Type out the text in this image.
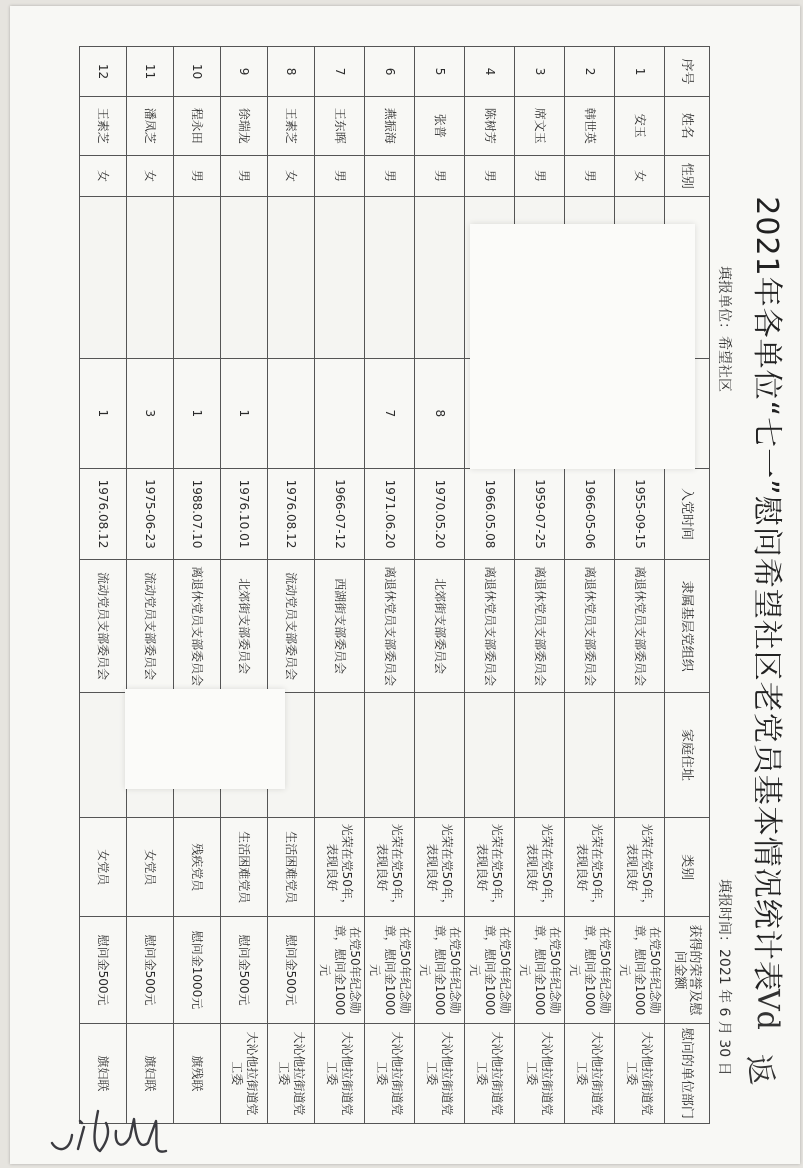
2021年各单位“七一”慰问希望社区老党员基本情况统计表
Vd
返
填报单位：希望社区
填报时间：2021 年 6 月 30 日
序号	姓名	性别			入党时间	隶属基层党组织	家庭住址	类别	获得的荣誉及慰问金额	慰问的单位部门
1	安玉	女			1955-09-15	离退休党员支部委员会		光荣在党50年，表现良好	在党50年纪念勋章，慰问金1000元	大沁他拉街道党工委
2	韩世英	男			1966-05-06	离退休党员支部委员会		光荣在党50年，表现良好	在党50年纪念勋章，慰问金1000元	大沁他拉街道党工委
3	席文玉	男			1959-07-25	离退休党员支部委员会		光荣在党50年，表现良好	在党50年纪念勋章，慰问金1000元	大沁他拉街道党工委
4	陈树芳	男			1966.05.08	离退休党员支部委员会		光荣在党50年，表现良好	在党50年纪念勋章，慰问金1000元	大沁他拉街道党工委
5	张普	男		8	1970.05.20	北郊街支部委员会		光荣在党50年，表现良好	在党50年纪念勋章，慰问金1000元	大沁他拉街道党工委
6	燕振海	男		7	1971.06.20	离退休党员支部委员会		光荣在党50年，表现良好	在党50年纪念勋章，慰问金1000元	大沁他拉街道党工委
7	王东晖	男			1966-07-12	西湖街支部委员会		光荣在党50年，表现良好	在党50年纪念勋章，慰问金1000元	大沁他拉街道党工委
8	王素芝	女			1976.08.12	流动党员支部委员会		生活困难党员	慰问金500元	大沁他拉街道党工委
9	徐瑞龙	男		1	1976.10.01	北郊街支部委员会		生活困难党员	慰问金500元	大沁他拉街道党工委
10	程永田	男		1	1988.07.10	离退休党员支部委员会		残疾党员	慰问金1000元	旗残联
11	潘凤芝	女		3	1975-06-23	流动党员支部委员会		女党员	慰问金500元	旗妇联
12	王素芝	女		1	1976.08.12	流动党员支部委员会		女党员	慰问金500元	旗妇联
